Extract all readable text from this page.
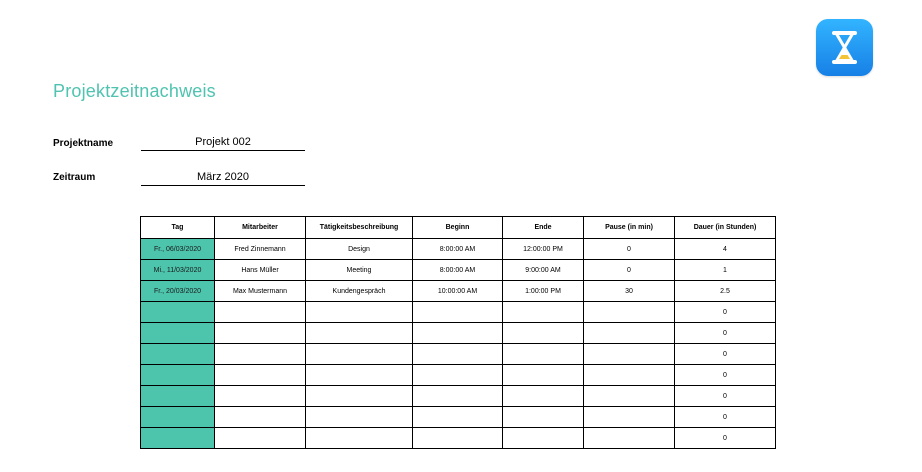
Projektzeitnachweis
Projektname	Projekt 002
Zeitraum	März 2020
Tag	Mitarbeiter	Tätigkeitsbeschreibung	Beginn	Ende	Pause (in min)	Dauer (in Stunden)
Fr., 06/03/2020	Fred Zinnemann	Design	8:00:00 AM	12:00:00 PM	0	4
Mi., 11/03/2020	Hans Müller	Meeting	8:00:00 AM	9:00:00 AM	0	1
Fr., 20/03/2020	Max Mustermann	Kundengespräch	10:00:00 AM	1:00:00 PM	30	2.5
						0
						0
						0
						0
						0
						0
						0
